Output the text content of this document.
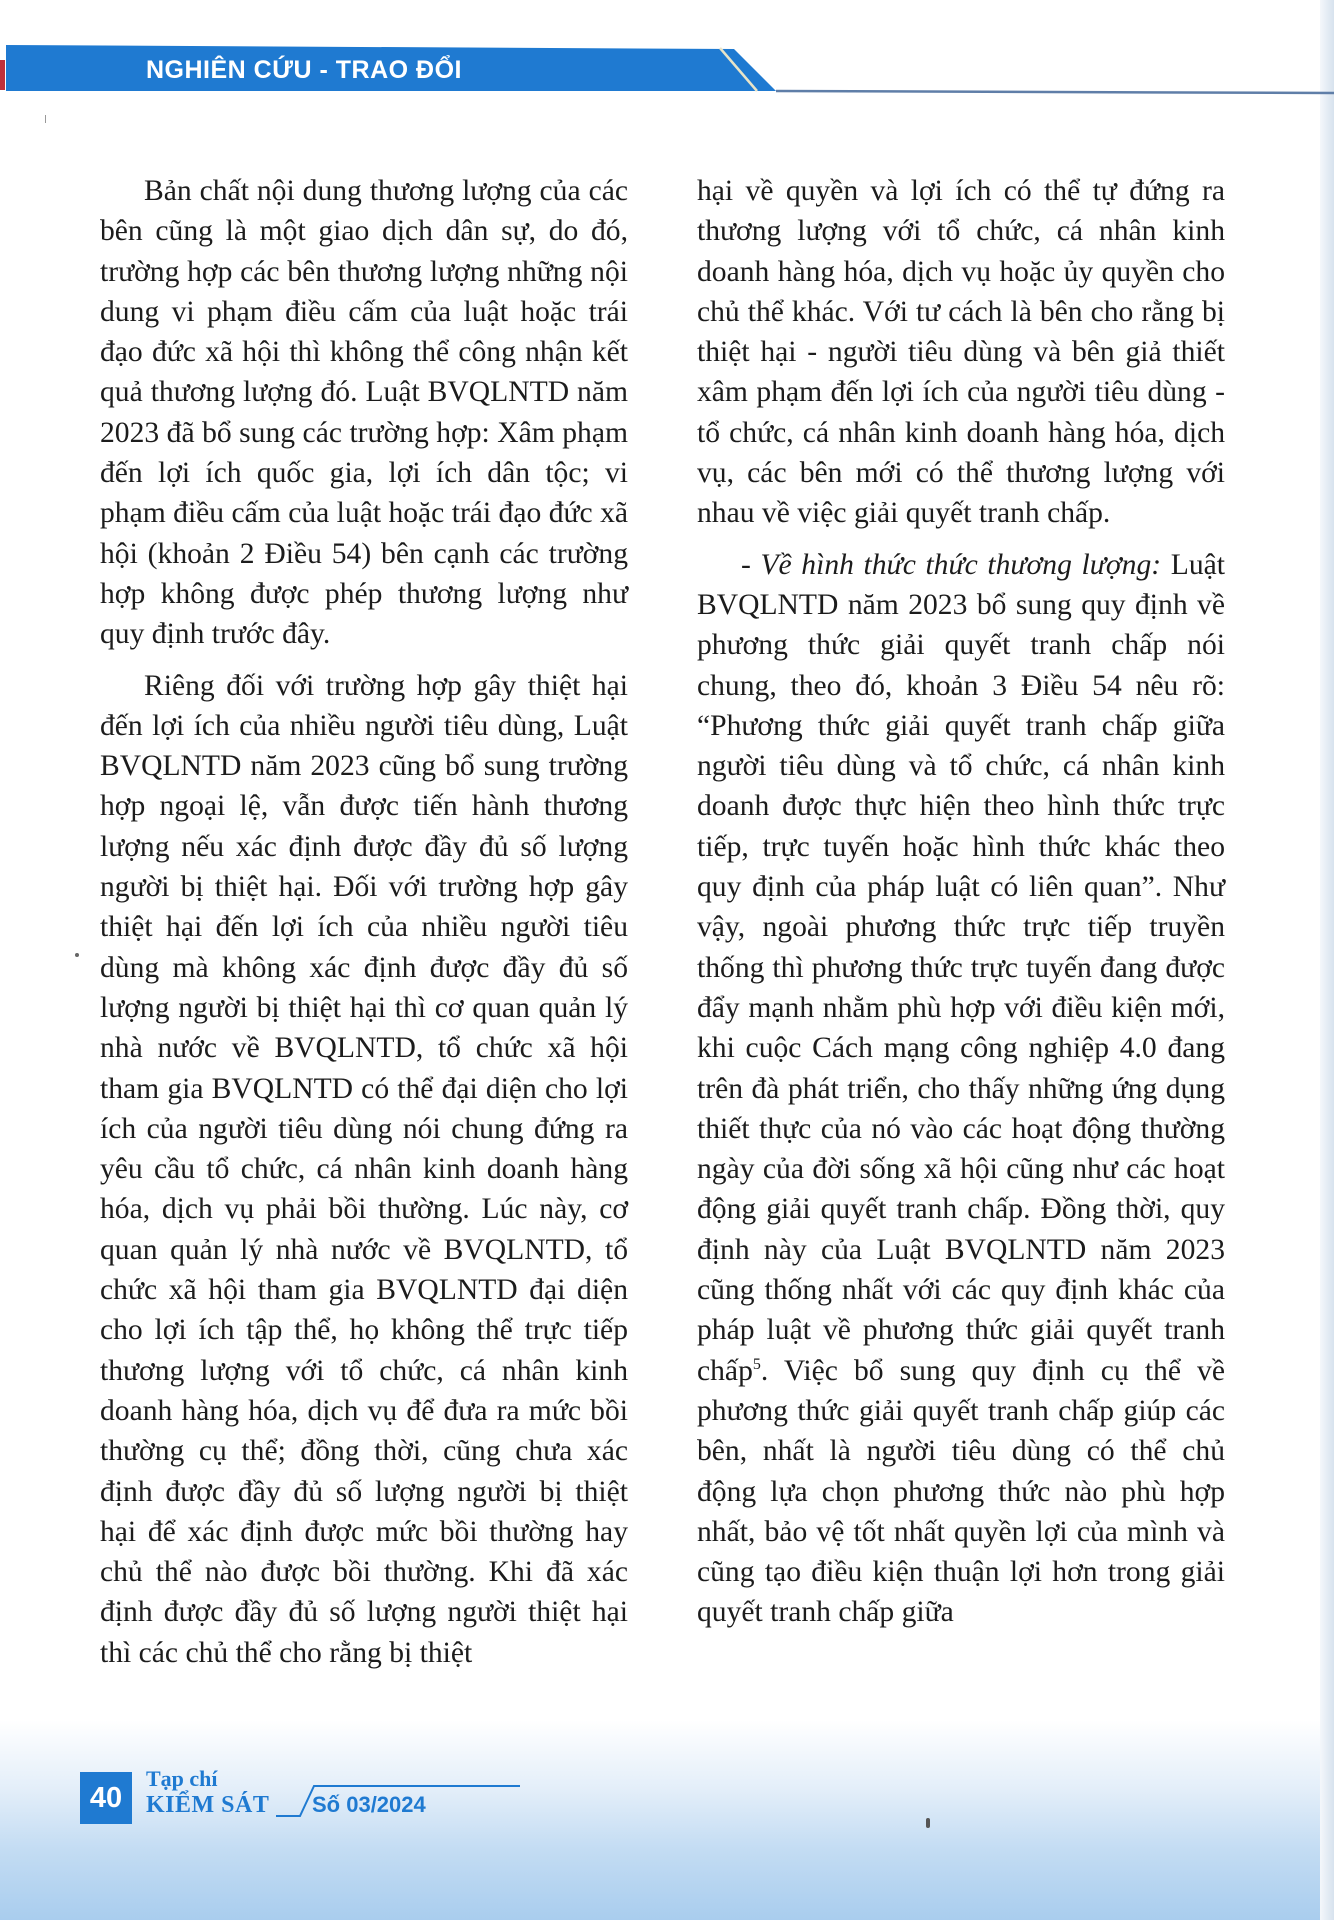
NGHIÊN CỨU - TRAO ĐỔI

Bản chất nội dung thương lượng của các bên cũng là một giao dịch dân sự, do đó, trường hợp các bên thương lượng những nội dung vi phạm điều cấm của luật hoặc trái đạo đức xã hội thì không thể công nhận kết quả thương lượng đó. Luật BVQLNTD năm 2023 đã bổ sung các trường hợp: Xâm phạm đến lợi ích quốc gia, lợi ích dân tộc; vi phạm điều cấm của luật hoặc trái đạo đức xã hội (khoản 2 Điều 54) bên cạnh các trường hợp không được phép thương lượng như quy định trước đây.

Riêng đối với trường hợp gây thiệt hại đến lợi ích của nhiều người tiêu dùng, Luật BVQLNTD năm 2023 cũng bổ sung trường hợp ngoại lệ, vẫn được tiến hành thương lượng nếu xác định được đầy đủ số lượng người bị thiệt hại. Đối với trường hợp gây thiệt hại đến lợi ích của nhiều người tiêu dùng mà không xác định được đầy đủ số lượng người bị thiệt hại thì cơ quan quản lý nhà nước về BVQLNTD, tổ chức xã hội tham gia BVQLNTD có thể đại diện cho lợi ích của người tiêu dùng nói chung đứng ra yêu cầu tổ chức, cá nhân kinh doanh hàng hóa, dịch vụ phải bồi thường. Lúc này, cơ quan quản lý nhà nước về BVQLNTD, tổ chức xã hội tham gia BVQLNTD đại diện cho lợi ích tập thể, họ không thể trực tiếp thương lượng với tổ chức, cá nhân kinh doanh hàng hóa, dịch vụ để đưa ra mức bồi thường cụ thể; đồng thời, cũng chưa xác định được đầy đủ số lượng người bị thiệt hại để xác định được mức bồi thường hay chủ thể nào được bồi thường. Khi đã xác định được đầy đủ số lượng người thiệt hại thì các chủ thể cho rằng bị thiệt

hại về quyền và lợi ích có thể tự đứng ra thương lượng với tổ chức, cá nhân kinh doanh hàng hóa, dịch vụ hoặc ủy quyền cho chủ thể khác. Với tư cách là bên cho rằng bị thiệt hại - người tiêu dùng và bên giả thiết xâm phạm đến lợi ích của người tiêu dùng - tổ chức, cá nhân kinh doanh hàng hóa, dịch vụ, các bên mới có thể thương lượng với nhau về việc giải quyết tranh chấp.

- Về hình thức thức thương lượng: Luật BVQLNTD năm 2023 bổ sung quy định về phương thức giải quyết tranh chấp nói chung, theo đó, khoản 3 Điều 54 nêu rõ: “Phương thức giải quyết tranh chấp giữa người tiêu dùng và tổ chức, cá nhân kinh doanh được thực hiện theo hình thức trực tiếp, trực tuyến hoặc hình thức khác theo quy định của pháp luật có liên quan”. Như vậy, ngoài phương thức trực tiếp truyền thống thì phương thức trực tuyến đang được đẩy mạnh nhằm phù hợp với điều kiện mới, khi cuộc Cách mạng công nghiệp 4.0 đang trên đà phát triển, cho thấy những ứng dụng thiết thực của nó vào các hoạt động thường ngày của đời sống xã hội cũng như các hoạt động giải quyết tranh chấp. Đồng thời, quy định này của Luật BVQLNTD năm 2023 cũng thống nhất với các quy định khác của pháp luật về phương thức giải quyết tranh chấp$^5$. Việc bổ sung quy định cụ thể về phương thức giải quyết tranh chấp giúp các bên, nhất là người tiêu dùng có thể chủ động lựa chọn phương thức nào phù hợp nhất, bảo vệ tốt nhất quyền lợi của mình và cũng tạo điều kiện thuận lợi hơn trong giải quyết tranh chấp giữa

40
Tạp chí
KIỂM SÁT Số 03/2024
